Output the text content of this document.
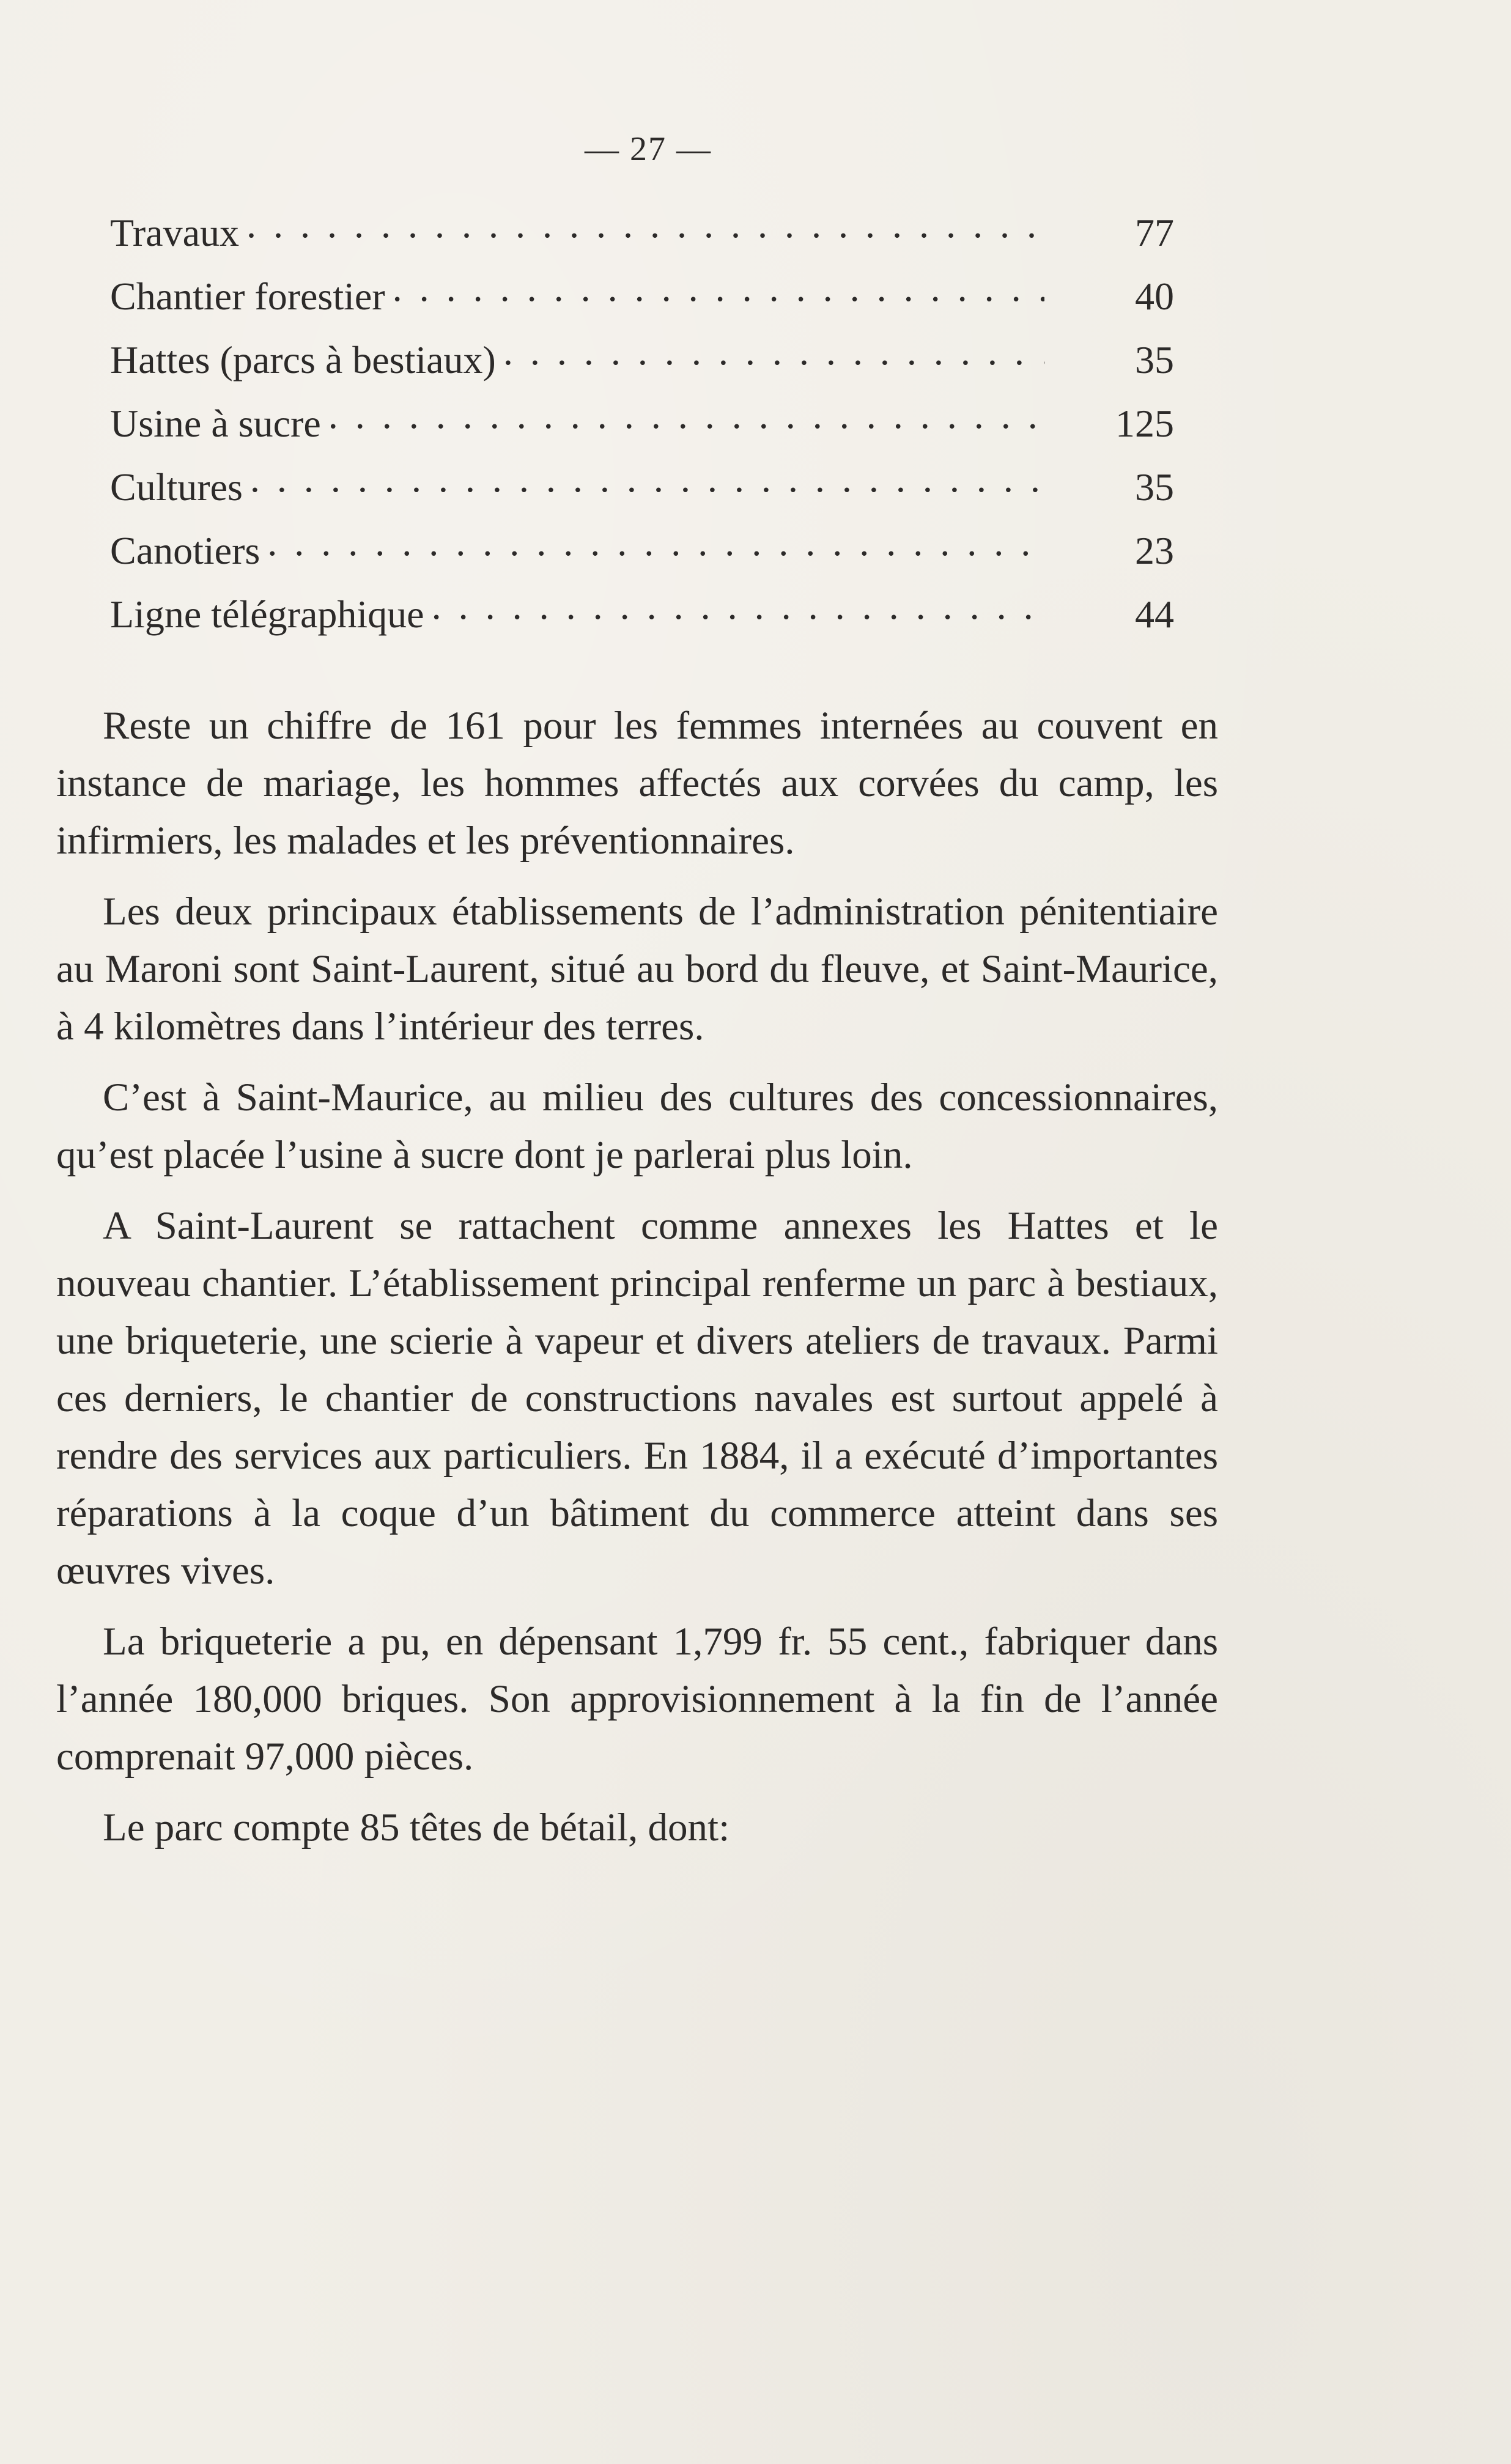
— 27 —
Travaux . . .	77
Chantier forestier . . .	40
Hattes (parcs à bestiaux) . . .	35
Usine à sucre . . .	125
Cultures . . .	35
Canotiers . . .	23
Ligne télégraphique . . .	44

Reste un chiffre de 161 pour les femmes internées au couvent en instance de mariage, les hommes affectés aux corvées du camp, les infirmiers, les malades et les préventionnaires.

Les deux principaux établissements de l’administration pénitentiaire au Maroni sont Saint-Laurent, situé au bord du fleuve, et Saint-Maurice, à 4 kilomètres dans l’intérieur des terres.

C’est à Saint-Maurice, au milieu des cultures des concessionnaires, qu’est placée l’usine à sucre dont je parlerai plus loin.

A Saint-Laurent se rattachent comme annexes les Hattes et le nouveau chantier. L’établissement principal renferme un parc à bestiaux, une briqueterie, une scierie à vapeur et divers ateliers de travaux. Parmi ces derniers, le chantier de constructions navales est surtout appelé à rendre des services aux particuliers. En 1884, il a exécuté d’importantes réparations à la coque d’un bâtiment du commerce atteint dans ses œuvres vives.

La briqueterie a pu, en dépensant 1,799 fr. 55 cent., fabriquer dans l’année 180,000 briques. Son approvisionnement à la fin de l’année comprenait 97,000 pièces.

Le parc compte 85 têtes de bétail, dont:
